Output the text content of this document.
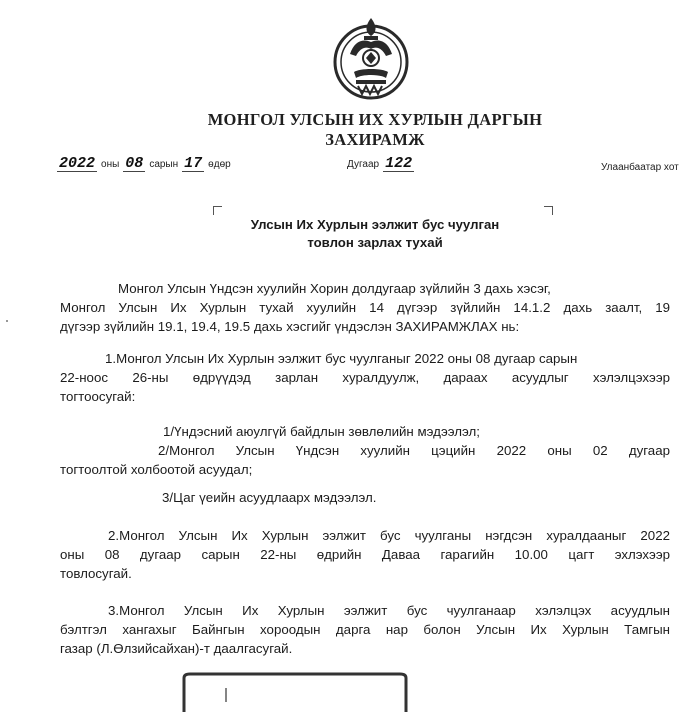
МОНГОЛ УЛСЫН ИХ ХУРЛЫН ДАРГЫН
ЗАХИРАМЖ
2022 оны 08 сарын 17 өдөр	Дугаар 122	Улаанбаатар хот
Улсын Их Хурлын ээлжит бус чуулган
товлон зарлах тухай
Монгол Улсын Үндсэн хуулийн Хорин долдугаар зүйлийн 3 дахь хэсэг,
Монгол Улсын Их Хурлын тухай хуулийн 14 дүгээр зүйлийн 14.1.2 дахь заалт, 19
дүгээр зүйлийн 19.1, 19.4, 19.5 дахь хэсгийг үндэслэн ЗАХИРАМЖЛАХ нь:
1.Монгол Улсын Их Хурлын ээлжит бус чуулганыг 2022 оны 08 дугаар сарын
22-ноос 26-ны өдрүүдэд зарлан хуралдуулж, дараах асуудлыг хэлэлцэхээр
тогтоосугай:
1/Үндэсний аюулгүй байдлын зөвлөлийн мэдээлэл;
2/Монгол Улсын Үндсэн хуулийн цэцийн 2022 оны 02 дугаар
тогтоолтой холбоотой асуудал;
3/Цаг үеийн асуудлаарх мэдээлэл.
2.Монгол Улсын Их Хурлын ээлжит бус чуулганы нэгдсэн хуралдааныг 2022
оны 08 дугаар сарын 22-ны өдрийн Даваа гарагийн 10.00 цагт эхлэхээр
товлосугай.
3.Монгол Улсын Их Хурлын ээлжит бус чуулганаар хэлэлцэх асуудлын
бэлтгэл хангахыг Байнгын хороодын дарга нар болон Улсын Их Хурлын Тамгын
газар (Л.Өлзийсайхан)-т даалгасугай.
